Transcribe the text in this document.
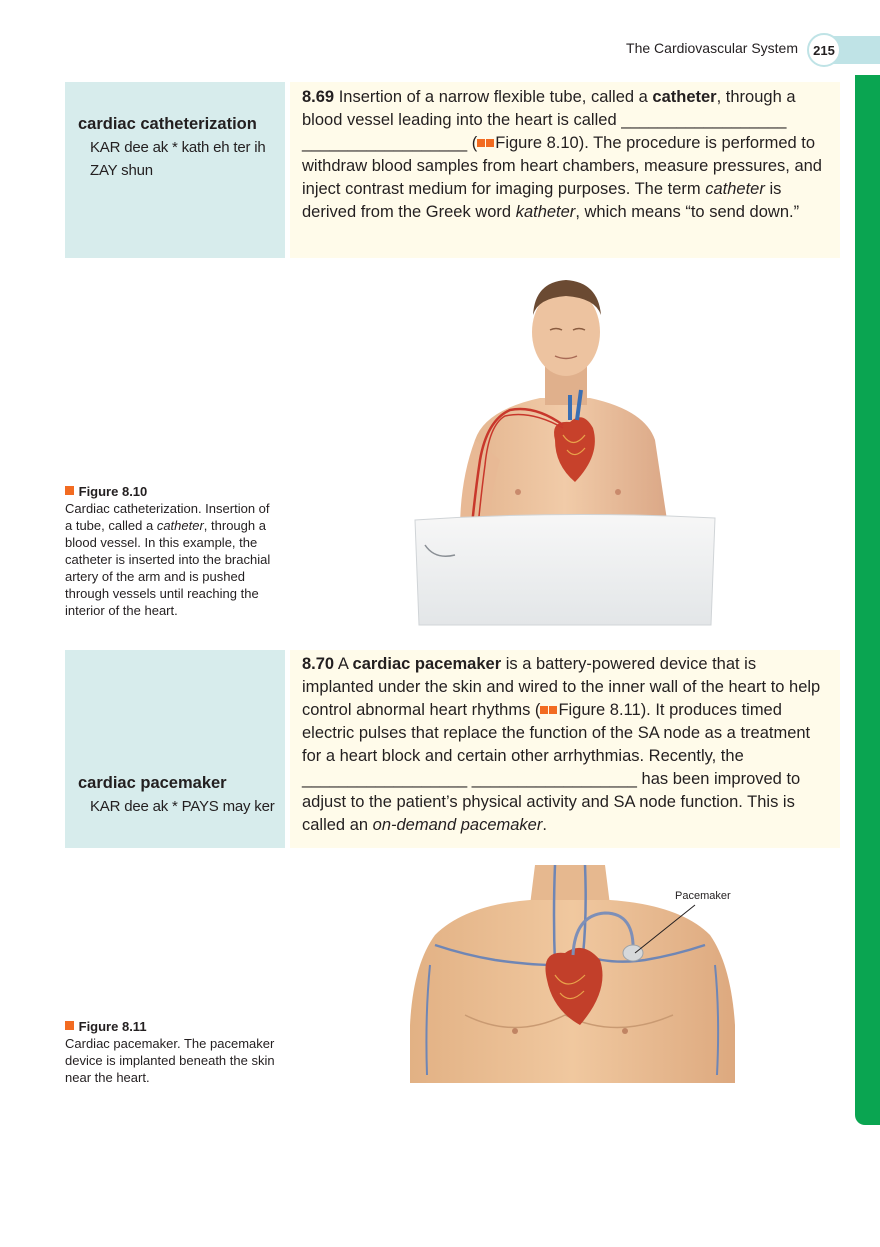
The Cardiovascular System	215
cardiac catheterization
KAR dee ak * kath eh ter ih
ZAY shun
8.69 Insertion of a narrow flexible tube, called a catheter, through a blood vessel leading into the heart is called __________________ __________________ ( Figure 8.10). The procedure is performed to withdraw blood samples from heart chambers, measure pressures, and inject contrast medium for imaging purposes. The term catheter is derived from the Greek word katheter, which means “to send down.”
Figure 8.10
Cardiac catheterization. Insertion of a tube, called a catheter, through a blood vessel. In this example, the catheter is inserted into the brachial artery of the arm and is pushed through vessels until reaching the interior of the heart.
cardiac pacemaker
KAR dee ak * PAYS may ker
8.70 A cardiac pacemaker is a battery-powered device that is implanted under the skin and wired to the inner wall of the heart to help control abnormal heart rhythms ( Figure 8.11). It produces timed electric pulses that replace the function of the SA node as a treatment for a heart block and certain other arrhythmias. Recently, the __________________ __________________ has been improved to adjust to the patient’s physical activity and SA node function. This is called an on-demand pacemaker.
Figure 8.11
Cardiac pacemaker. The pacemaker device is implanted beneath the skin near the heart.
Pacemaker
